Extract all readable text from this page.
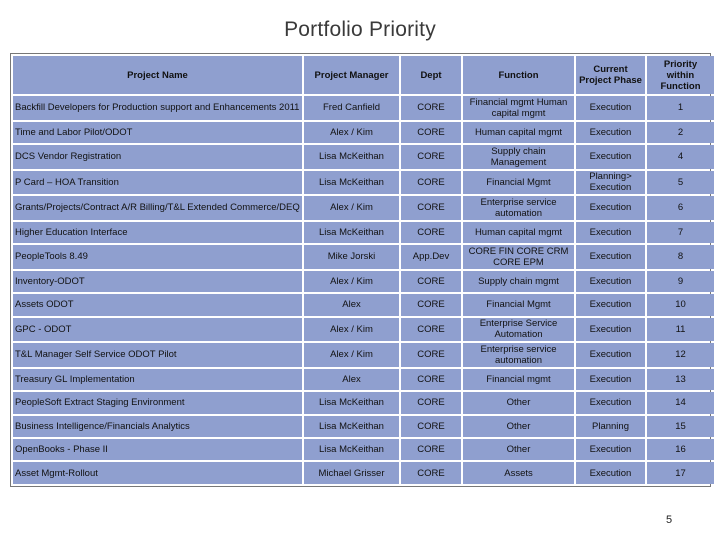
Portfolio Priority
Project Name	Project Manager	Dept	Function	Current Project Phase	Priority within Function
Backfill Developers for Production support and Enhancements 2011	Fred Canfield	CORE	Financial mgmt Human capital mgmt	Execution	1
Time and Labor Pilot/ODOT	Alex / Kim	CORE	Human capital mgmt	Execution	2
DCS Vendor Registration	Lisa McKeithan	CORE	Supply chain Management	Execution	4
P Card – HOA Transition	Lisa McKeithan	CORE	Financial Mgmt	Planning> Execution	5
Grants/Projects/Contract A/R Billing/T&L Extended Commerce/DEQ	Alex / Kim	CORE	Enterprise service automation	Execution	6
Higher Education Interface	Lisa McKeithan	CORE	Human capital mgmt	Execution	7
PeopleTools 8.49	Mike Jorski	App.Dev	CORE FIN CORE CRM CORE EPM	Execution	8
Inventory-ODOT	Alex / Kim	CORE	Supply chain mgmt	Execution	9
Assets ODOT	Alex	CORE	Financial Mgmt	Execution	10
GPC - ODOT	Alex / Kim	CORE	Enterprise Service Automation	Execution	11
T&L Manager Self Service ODOT Pilot	Alex / Kim	CORE	Enterprise service automation	Execution	12
Treasury GL Implementation	Alex	CORE	Financial mgmt	Execution	13
PeopleSoft Extract Staging Environment	Lisa McKeithan	CORE	Other	Execution	14
Business Intelligence/Financials Analytics	Lisa McKeithan	CORE	Other	Planning	15
OpenBooks - Phase II	Lisa McKeithan	CORE	Other	Execution	16
Asset Mgmt-Rollout	Michael Grisser	CORE	Assets	Execution	17
5
